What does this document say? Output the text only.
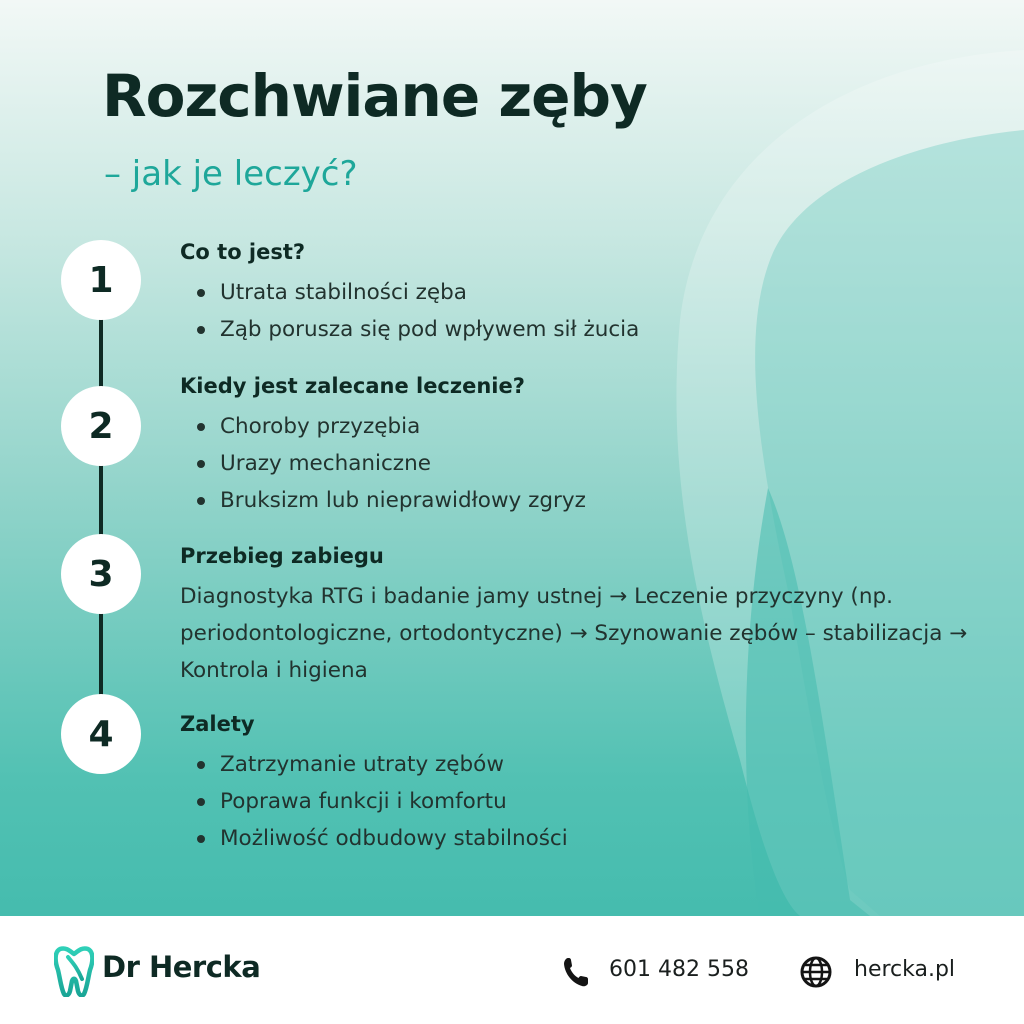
Rozchwiane zęby
– jak je leczyć?
1
2
3
4
Co to jest?
Utrata stabilności zęba
Ząb porusza się pod wpływem sił żucia
Kiedy jest zalecane leczenie?
Choroby przyzębia
Urazy mechaniczne
Bruksizm lub nieprawidłowy zgryz
Przebieg zabiegu

Diagnostyka RTG i badanie jamy ustnej → Leczenie przyczyny (np. periodontologiczne, ortodontyczne) → Szynowanie zębów – stabilizacja → Kontrola i higiena

Zalety
Zatrzymanie utraty zębów
Poprawa funkcji i komfortu
Możliwość odbudowy stabilności
Dr Hercka	601 482 558	hercka.pl
